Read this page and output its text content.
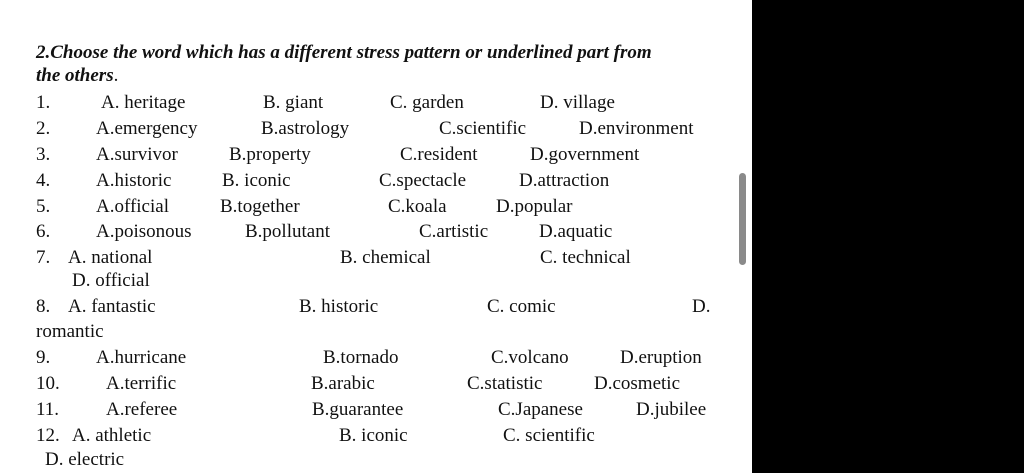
2.Choose the word which has a different stress pattern or underlined part from
the others.
1.	A. heritage	B. giant	C. garden	D. village
2. A.emergency	B.astrology	C.scientific	D.environment
3. A.survivor	B.property	C.resident	D.government
4. A.historic	B. iconic	C.spectacle	D.attraction
5. A.official	B.together	C.koala	D.popular
6. A.poisonous	B.pollutant	C.artistic	D.aquatic
7. A. national	B. chemical	C. technical
D. official
8. A. fantastic	B. historic	C. comic	D.
romantic
9. A.hurricane	B.tornado	C.volcano	D.eruption
10. A.terrific	B.arabic	C.statistic	D.cosmetic
11. A.referee	B.guarantee	C.Japanese	D.jubilee
12. A. athletic	B. iconic	C. scientific
D. electric
